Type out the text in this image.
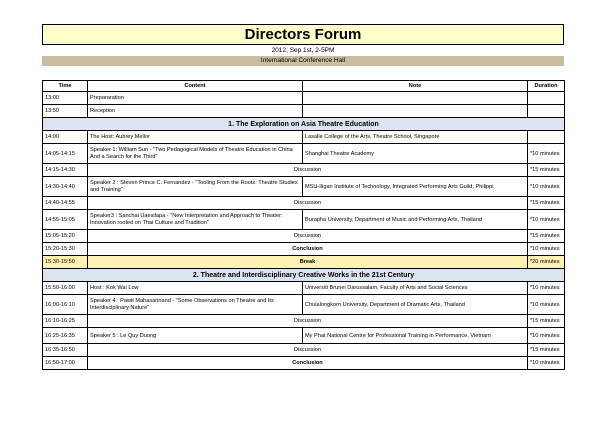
Directors Forum
2012, Sep 1st, 2-5PM
International Conference Hall
Time	Content	Note	Duration
13:00	Prepararation		
13:50	Reception		
1. The Exploration on Asia Theatre Education			
14:00	The Host: Aubrey Mellor	Lasalle College of the Arts, Theatre School, Singapore	
14:05-14:15	Speaker 1: William Sun - "Two Pedagogical Models of Theatre Education in China And a Search for the Third"	Shanghai Theatre Academy	*10 minutes
14:15-14:30	Discussion		*15 minutes
14:30-14:40	Speaker 2 : Steven Prince C. Fernandez - "Tooling From the Roots: Theatre Studies and Training"	MSU-Iligan Institute of Technology, Integrated Performing Arts Guild, Philippi	*10 minutes
14:40-14:55	Discussion		*15 minutes
14:55-15:05	Speaker3 : Sanchai Uaesilapa - "New Interpretation and Approach to Theater: Innovation rooted on Thai Culture and Tradition"	Burapha University, Department of Music and Performing Arts, Thailand	*10 minutes
15:05-15:20	Discussion		*15 minutes
15:20-15:30	Conclusion		*10 minutes
15:30-15:50	Break		*20 minutes
2. Theatre and Interdisciplinary Creative Works in the 21st Century			
15:50-16:00	Host : Kok Wai Low	Universiti Brunei Darussalam, Faculty of Arts and Social Sciences	*10 minutes
16:00-16:10	Speaker 4 : Pawit Mahasarinand - "Some Observations on Theatre and Its Interdisciplinary Nature"	Chulalongkorn University, Department of Dramatic Arts, Thailand	*10 minutes
16:10-16:25	Discussion		*15 minutes
16:25-16:35	Speaker 5 : Le Quy Duong	My Phat National Centre for Professional Training in Performance, Vietnam	*10 minutes
16:35-16:50	Discussion		*15 minutes
16:50-17:00	Conclusion		*10 minutes
